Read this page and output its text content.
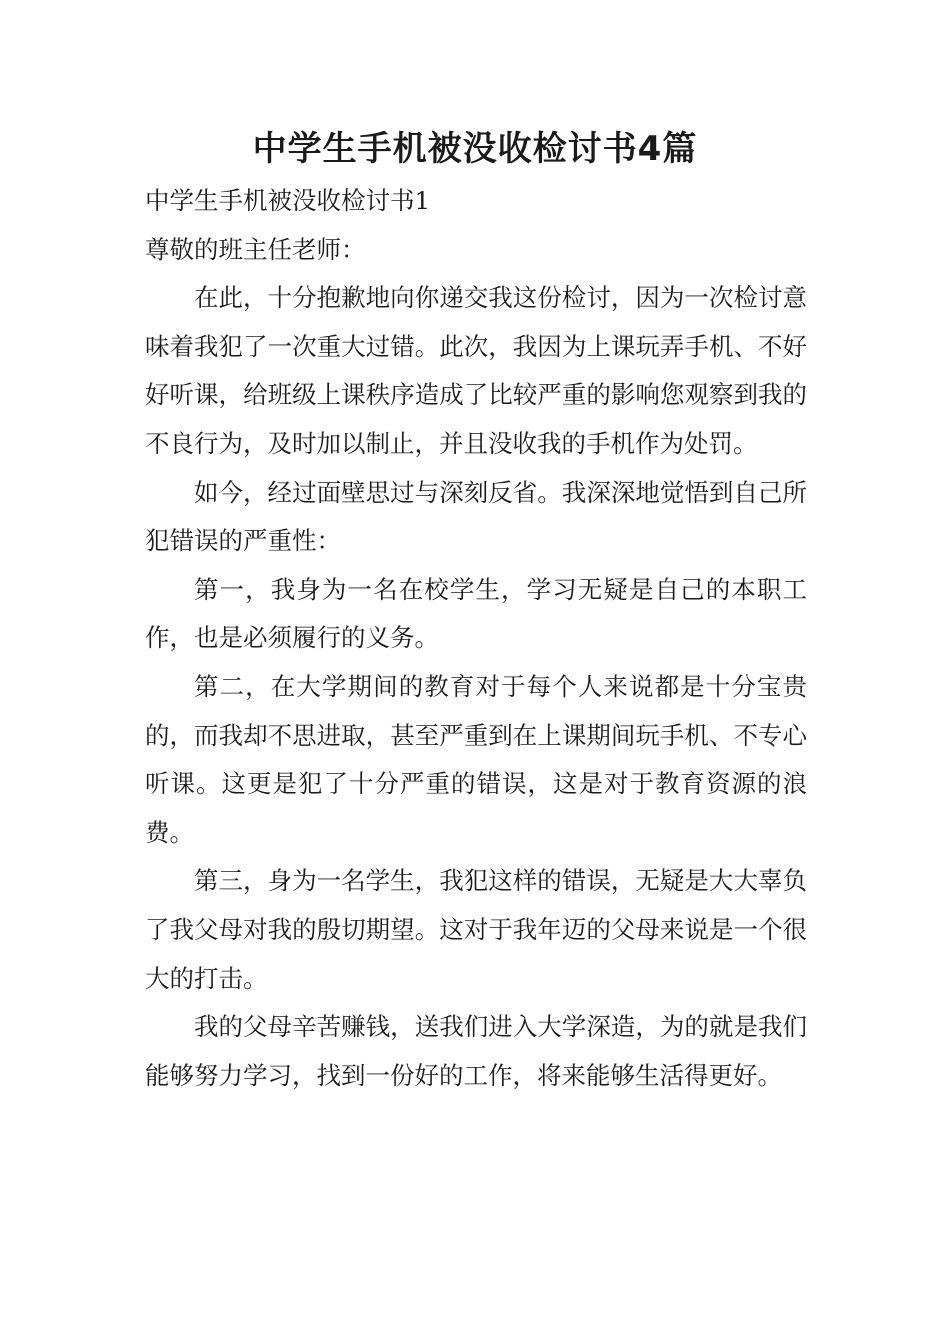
中学生手机被没收检讨书4篇

中学生手机被没收检讨书1

尊敬的班主任老师：

在此，十分抱歉地向你递交我这份检讨，因为一次检讨意味着我犯了一次重大过错。此次，我因为上课玩弄手机、不好好听课，给班级上课秩序造成了比较严重的影响您观察到我的不良行为，及时加以制止，并且没收我的手机作为处罚。

如今，经过面壁思过与深刻反省。我深深地觉悟到自己所犯错误的严重性：

第一，我身为一名在校学生，学习无疑是自己的本职工作，也是必须履行的义务。

第二，在大学期间的教育对于每个人来说都是十分宝贵的，而我却不思进取，甚至严重到在上课期间玩手机、不专心听课。这更是犯了十分严重的错误，这是对于教育资源的浪费。

第三，身为一名学生，我犯这样的错误，无疑是大大辜负了我父母对我的殷切期望。这对于我年迈的父母来说是一个很大的打击。

我的父母辛苦赚钱，送我们进入大学深造，为的就是我们能够努力学习，找到一份好的工作，将来能够生活得更好。
